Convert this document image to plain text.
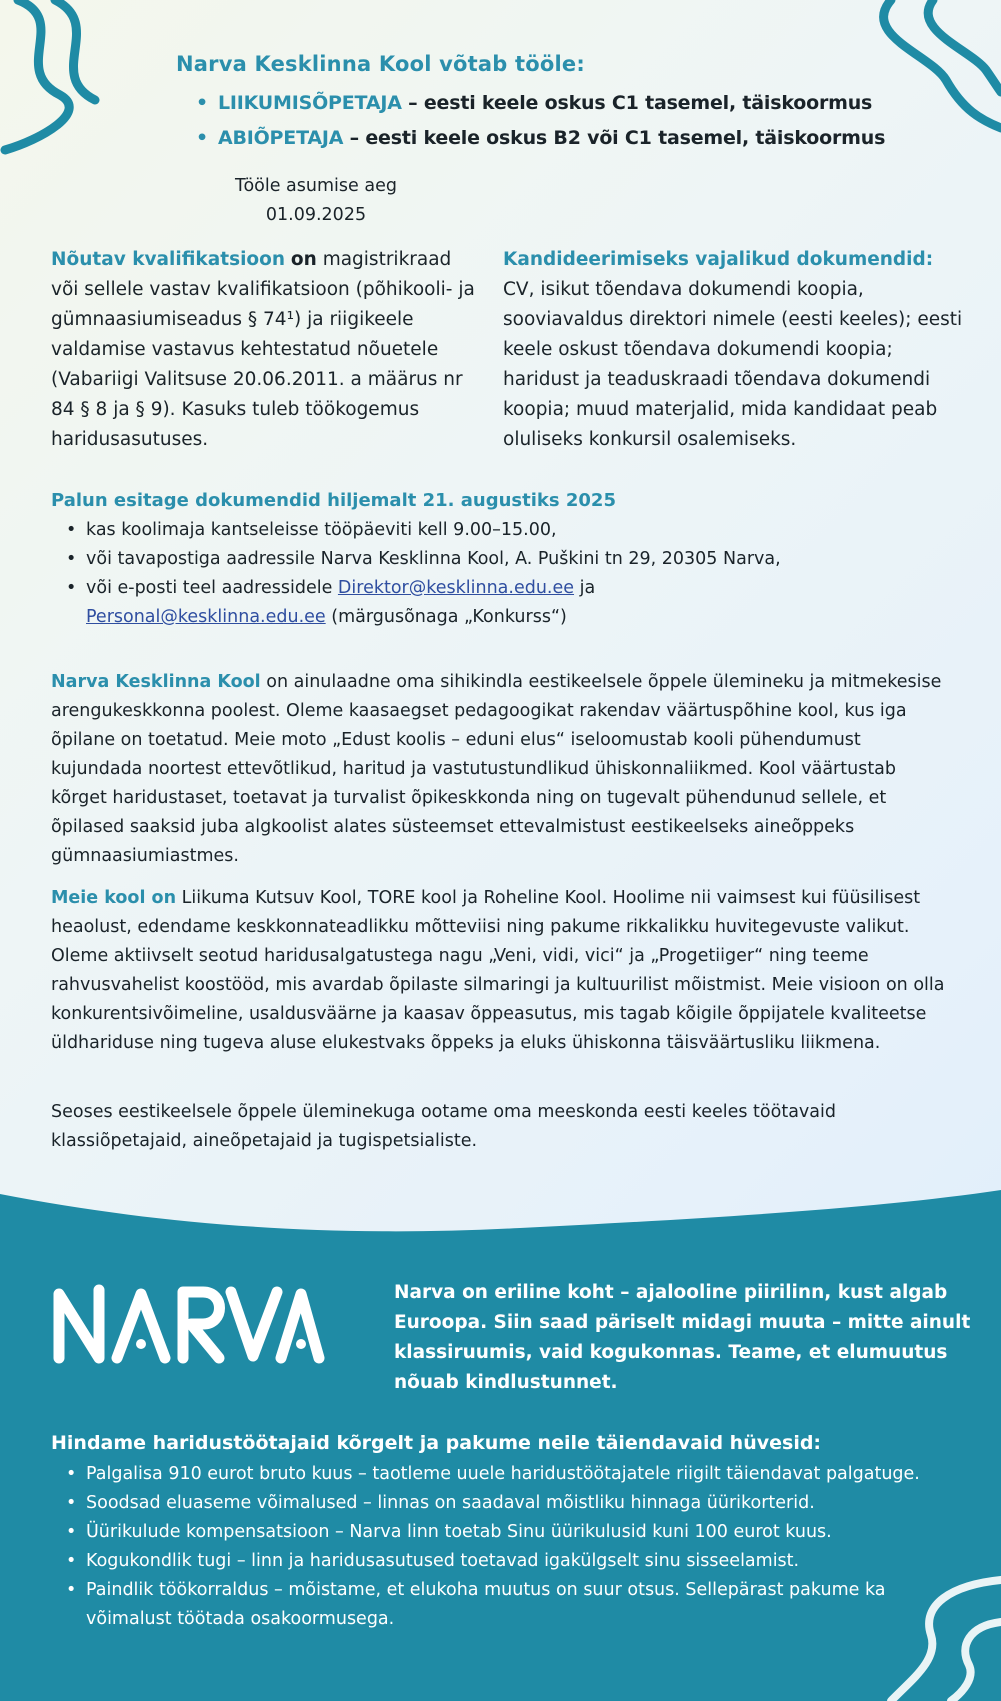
Narva Kesklinna Kool võtab tööle:
• LIIKUMISÕPETAJA – eesti keele oskus C1 tasemel, täiskoormus
• ABIÕPETAJA – eesti keele oskus B2 või C1 tasemel, täiskoormus
Tööle asumise aeg
01.09.2025
Nõutav kvalifikatsioon on magistrikraad või sellele vastav kvalifikatsioon (põhikooli- ja gümnaasiumiseadus § 74¹) ja riigikeele valdamise vastavus kehtestatud nõuetele (Vabariigi Valitsuse 20.06.2011. a määrus nr 84 § 8 ja § 9). Kasuks tuleb töökogemus haridusasutuses.
Kandideerimiseks vajalikud dokumendid:
CV, isikut tõendava dokumendi koopia, sooviavaldus direktori nimele (eesti keeles); eesti keele oskust tõendava dokumendi koopia; haridust ja teaduskraadi tõendava dokumendi koopia; muud materjalid, mida kandidaat peab oluliseks konkursil osalemiseks.
Palun esitage dokumendid hiljemalt 21. augustiks 2025
• kas koolimaja kantseleisse tööpäeviti kell 9.00–15.00,
• või tavapostiga aadressile Narva Kesklinna Kool, A. Puškini tn 29, 20305 Narva,
• või e-posti teel aadressidele Direktor@kesklinna.edu.ee ja
Personal@kesklinna.edu.ee (märgusõnaga „Konkurss“)
Narva Kesklinna Kool on ainulaadne oma sihikindla eestikeelsele õppele ülemineku ja mitmekesise arengukeskkonna poolest. Oleme kaasaegset pedagoogikat rakendav väärtuspõhine kool, kus iga õpilane on toetatud. Meie moto „Edust koolis – eduni elus“ iseloomustab kooli pühendumust kujundada noortest ettevõtlikud, haritud ja vastutustundlikud ühiskonnaliikmed. Kool väärtustab kõrget haridustaset, toetavat ja turvalist õpikeskkonda ning on tugevalt pühendunud sellele, et õpilased saaksid juba algkoolist alates süsteemset ettevalmistust eestikeelseks aineõppeks gümnaasiumiastmes.
Meie kool on Liikuma Kutsuv Kool, TORE kool ja Roheline Kool. Hoolime nii vaimsest kui füüsilisest heaolust, edendame keskkonnateadlikku mõtteviisi ning pakume rikkalikku huvitegevuste valikut. Oleme aktiivselt seotud haridusalgatustega nagu „Veni, vidi, vici“ ja „Progetiiger“ ning teeme rahvusvahelist koostööd, mis avardab õpilaste silmaringi ja kultuurilist mõistmist. Meie visioon on olla konkurentsivõimeline, usaldusväärne ja kaasav õppeasutus, mis tagab kõigile õppijatele kvaliteetse üldhariduse ning tugeva aluse elukestvaks õppeks ja eluks ühiskonna täisväärtusliku liikmena.
Seoses eestikeelsele õppele üleminekuga ootame oma meeskonda eesti keeles töötavaid klassiõpetajaid, aineõpetajaid ja tugispetsialiste.
Narva on eriline koht – ajalooline piirilinn, kust algab Euroopa. Siin saad päriselt midagi muuta – mitte ainult klassiruumis, vaid kogukonnas. Teame, et elumuutus nõuab kindlustunnet.
Hindame haridustöötajaid kõrgelt ja pakume neile täiendavaid hüvesid:
• Palgalisa 910 eurot bruto kuus – taotleme uuele haridustöötajatele riigilt täiendavat palgatuge.
• Soodsad eluaseme võimalused – linnas on saadaval mõistliku hinnaga üürikorterid.
• Üürikulude kompensatsioon – Narva linn toetab Sinu üürikulusid kuni 100 eurot kuus.
• Kogukondlik tugi – linn ja haridusasutused toetavad igakülgselt sinu sisseelamist.
• Paindlik töökorraldus – mõistame, et elukoha muutus on suur otsus. Sellepärast pakume ka võimalust töötada osakoormusega.
